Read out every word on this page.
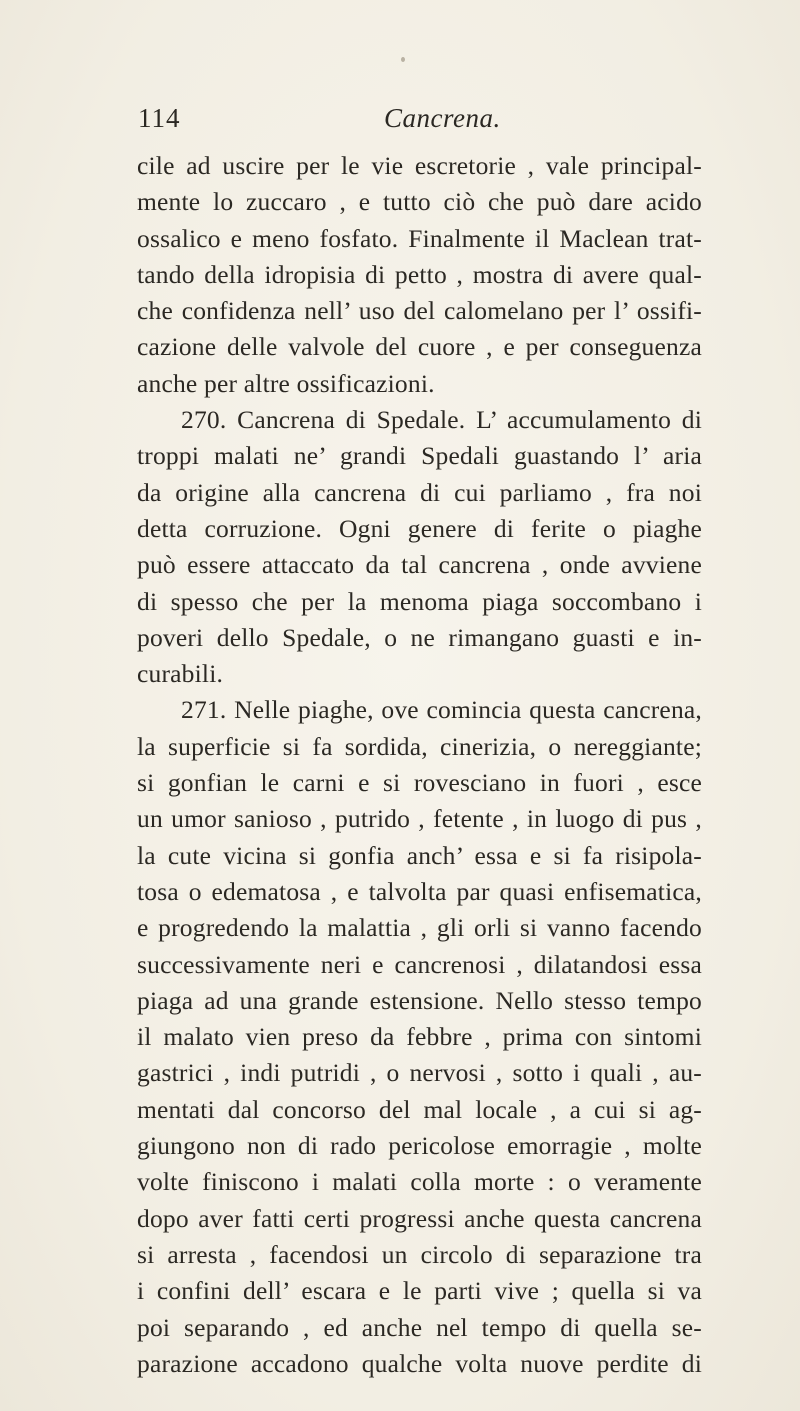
114	Cancrena.
cile ad uscire per le vie escretorie , vale principal-
mente lo zuccaro , e tutto ciò che può dare acido
ossalico e meno fosfato. Finalmente il Maclean trat-
tando della idropisia di petto , mostra di avere qual-
che confidenza nell’ uso del calomelano per l’ ossifi-
cazione delle valvole del cuore , e per conseguenza
anche per altre ossificazioni.
270. Cancrena di Spedale. L’ accumulamento di
troppi malati ne’ grandi Spedali guastando l’ aria
da origine alla cancrena di cui parliamo , fra noi
detta corruzione. Ogni genere di ferite o piaghe
può essere attaccato da tal cancrena , onde avviene
di spesso che per la menoma piaga soccombano i
poveri dello Spedale, o ne rimangano guasti e in-
curabili.
271. Nelle piaghe, ove comincia questa cancrena,
la superficie si fa sordida, cinerizia, o nereggiante;
si gonfian le carni e si rovesciano in fuori , esce
un umor sanioso , putrido , fetente , in luogo di pus ,
la cute vicina si gonfia anch’ essa e si fa risipola-
tosa o edematosa , e talvolta par quasi enfisematica,
e progredendo la malattia , gli orli si vanno facendo
successivamente neri e cancrenosi , dilatandosi essa
piaga ad una grande estensione. Nello stesso tempo
il malato vien preso da febbre , prima con sintomi
gastrici , indi putridi , o nervosi , sotto i quali , au-
mentati dal concorso del mal locale , a cui si ag-
giungono non di rado pericolose emorragie , molte
volte finiscono i malati colla morte : o veramente
dopo aver fatti certi progressi anche questa cancrena
si arresta , facendosi un circolo di separazione tra
i confini dell’ escara e le parti vive ; quella si va
poi separando , ed anche nel tempo di quella se-
parazione accadono qualche volta nuove perdite di
